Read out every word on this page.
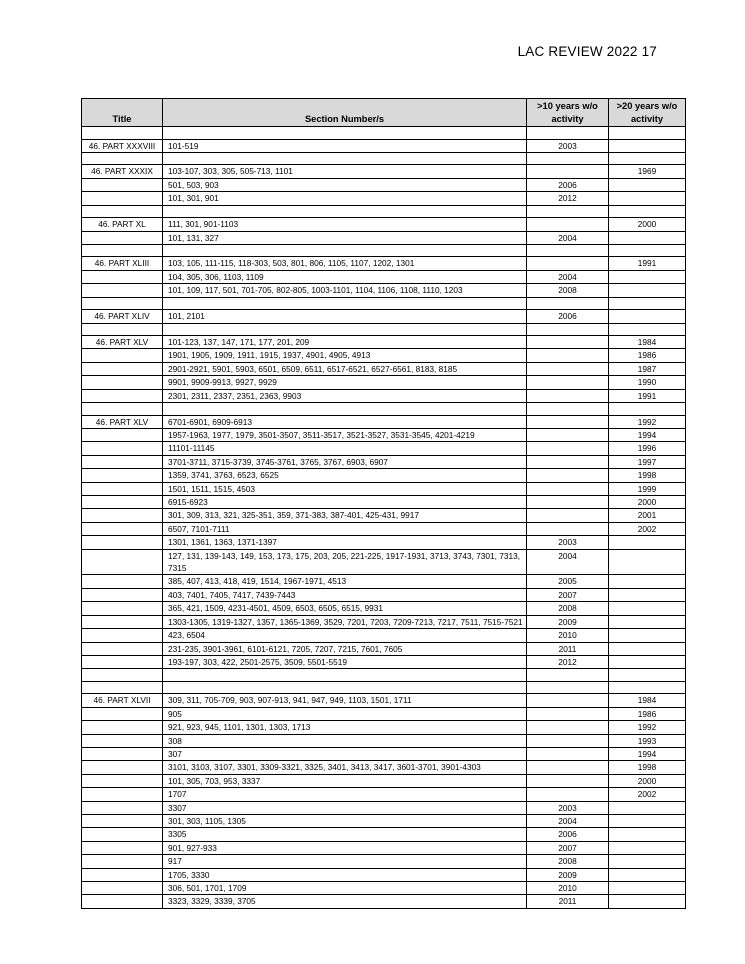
LAC REVIEW 2022 17
Title	Section Number/s	>10 years w/o activity	>20 years w/o activity

46. PART XXXVIII	101-519	2003	

46. PART XXXIX	103-107, 303, 305, 505-713, 1101		1969
	501, 503, 903	2006	
	101, 301, 901	2012	

46. PART XL	111, 301, 901-1103		2000
	101, 131, 327	2004	

46. PART XLIII	103, 105, 111-115, 118-303, 503, 801, 806, 1105, 1107, 1202, 1301		1991
	104, 305, 306, 1103, 1109	2004	
	101, 109, 117, 501, 701-705, 802-805, 1003-1101, 1104, 1106, 1108, 1110, 1203	2008	

46. PART XLIV	101, 2101	2006	

46. PART XLV	101-123, 137, 147, 171, 177, 201, 209		1984
	1901, 1905, 1909, 1911, 1915, 1937, 4901, 4905, 4913		1986
	2901-2921, 5901, 5903, 6501, 6509, 6511, 6517-6521, 6527-6561, 8183, 8185		1987
	9901, 9909-9913, 9927, 9929		1990
	2301, 2311, 2337, 2351, 2363, 9903		1991

46. PART XLV	6701-6901, 6909-6913		1992
	1957-1963, 1977, 1979, 3501-3507, 3511-3517, 3521-3527, 3531-3545, 4201-4219		1994
	11101-11145		1996
	3701-3711, 3715-3739, 3745-3761, 3765, 3767, 6903, 6907		1997
	1359, 3741, 3763, 6523, 6525		1998
	1501, 1511, 1515, 4503		1999
	6915-6923		2000
	301, 309, 313, 321, 325-351, 359, 371-383, 387-401, 425-431, 9917		2001
	6507, 7101-7111		2002
	1301, 1361, 1363, 1371-1397	2003	
	127, 131, 139-143, 149, 153, 173, 175, 203, 205, 221-225, 1917-1931, 3713, 3743, 7301, 7313, 7315	2004	
	385, 407, 413, 418, 419, 1514, 1967-1971, 4513	2005	
	403, 7401, 7405, 7417, 7439-7443	2007	
	365, 421, 1509, 4231-4501, 4509, 6503, 6505, 6515, 9931	2008	
	1303-1305, 1319-1327, 1357, 1365-1369, 3529, 7201, 7203, 7209-7213, 7217, 7511, 7515-7521	2009	
	423, 6504	2010	
	231-235, 3901-3961, 6101-6121, 7205, 7207, 7215, 7601, 7605	2011	
	193-197, 303, 422, 2501-2575, 3509, 5501-5519	2012	

46. PART XLVII	309, 311, 705-709, 903, 907-913, 941, 947, 949, 1103, 1501, 1711		1984
	905		1986
	921, 923, 945, 1101, 1301, 1303, 1713		1992
	308		1993
	307		1994
	3101, 3103, 3107, 3301, 3309-3321, 3325, 3401, 3413, 3417, 3601-3701, 3901-4303		1998
	101, 305, 703, 953, 3337		2000
	1707		2002
	3307	2003	
	301, 303, 1105, 1305	2004	
	3305	2006	
	901, 927-933	2007	
	917	2008	
	1705, 3330	2009	
	306, 501, 1701, 1709	2010	
	3323, 3329, 3339, 3705	2011	
